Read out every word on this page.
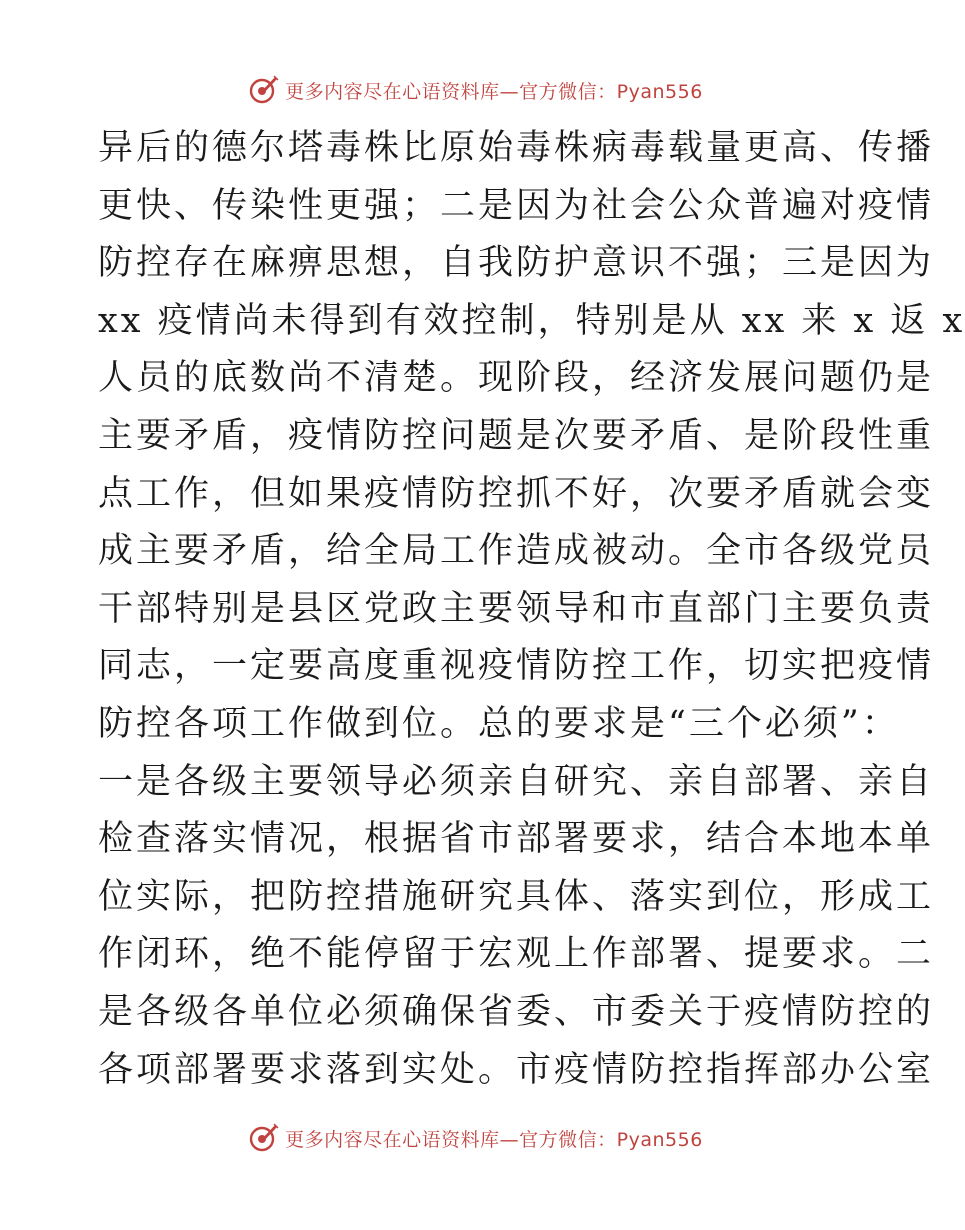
更多内容尽在心语资料库—官方微信：Pyan556
异后的德尔塔毒株比原始毒株病毒载量更高、传播
更快、传染性更强；二是因为社会公众普遍对疫情
防控存在麻痹思想，自我防护意识不强；三是因为
xx 疫情尚未得到有效控制，特别是从 xx 来 x 返 x
人员的底数尚不清楚。现阶段，经济发展问题仍是
主要矛盾，疫情防控问题是次要矛盾、是阶段性重
点工作，但如果疫情防控抓不好，次要矛盾就会变
成主要矛盾，给全局工作造成被动。全市各级党员
干部特别是县区党政主要领导和市直部门主要负责
同志，一定要高度重视疫情防控工作，切实把疫情
防控各项工作做到位。总的要求是“三个必须”：
一是各级主要领导必须亲自研究、亲自部署、亲自
检查落实情况，根据省市部署要求，结合本地本单
位实际，把防控措施研究具体、落实到位，形成工
作闭环，绝不能停留于宏观上作部署、提要求。二
是各级各单位必须确保省委、市委关于疫情防控的
各项部署要求落到实处。市疫情防控指挥部办公室
更多内容尽在心语资料库—官方微信：Pyan556
